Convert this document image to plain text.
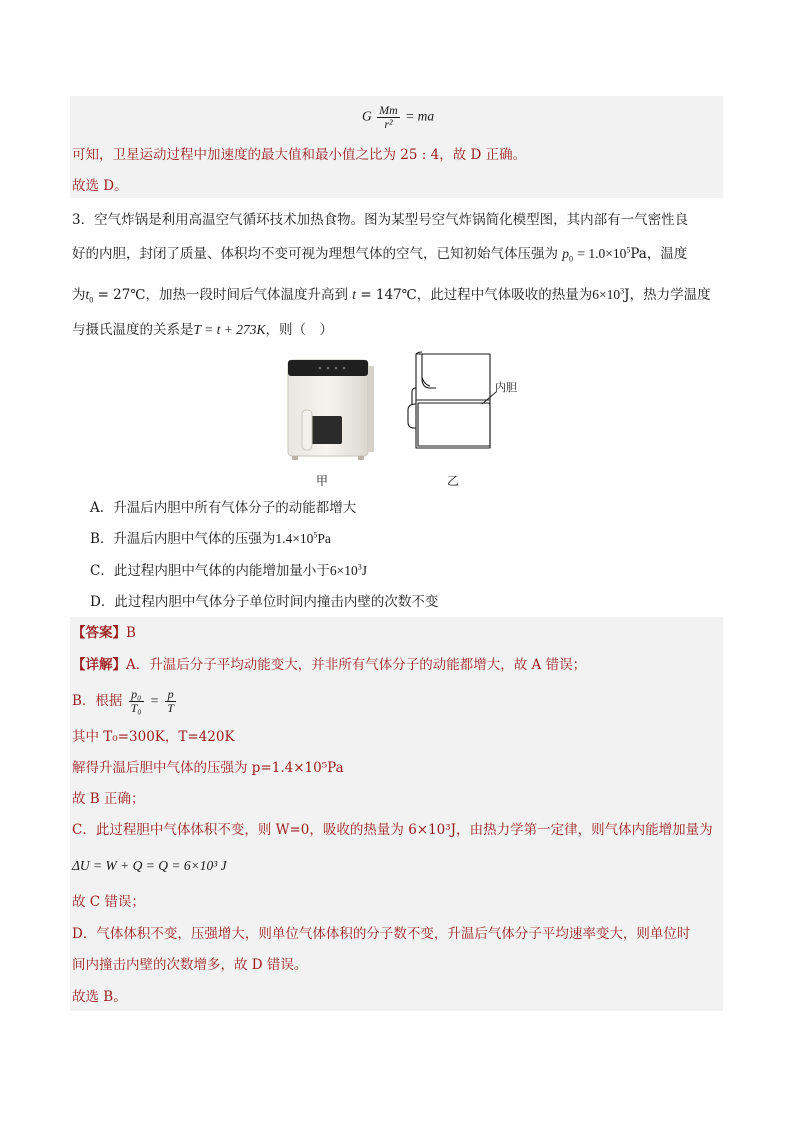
G $\frac{Mm}{\text{r²}}$ = ma
可知，卫星运动过程中加速度的最大值和最小值之比为 25 : 4，故 D 正确。
故选 D。
3．空气炸锅是利用高温空气循环技术加热食物。图为某型号空气炸锅简化模型图，其内部有一气密性良
好的内胆，封闭了质量、体积均不变可视为理想气体的空气，已知初始气体压强为 $p_0 = 1.0\times 10^5Pa$，温度
为$t_0$ = 27℃，加热一段时间后气体温度升高到 t = 147℃，此过程中气体吸收的热量为$6\times 10^3J$，热力学温度
与摄氏温度的关系是T = t + 273K，则（　）
内胆
甲	乙
A．升温后内胆中所有气体分子的动能都增大
B．升温后内胆中气体的压强为$1.4\times 10^5Pa$
C．此过程内胆中气体的内能增加量小于$6\times 10^3J$
D．此过程内胆中气体分子单位时间内撞击内壁的次数不变
【答案】B
【详解】A．升温后分子平均动能变大，并非所有气体分子的动能都增大，故 A 错误；
B．根据 $\frac{\text{p₀}}{\text{T₀}} = \frac{p}{T}$
其中 T₀=300K，T=420K
解得升温后胆中气体的压强为 p=1.4×10⁵Pa
故 B 正确；
C．此过程胆中气体体积不变，则 W=0，吸收的热量为 6×10³J，由热力学第一定律，则气体内能增加量为
ΔU = W + Q = Q = 6×10³ J
故 C 错误；
D．气体体积不变，压强增大，则单位气体体积的分子数不变，升温后气体分子平均速率变大，则单位时
间内撞击内壁的次数增多，故 D 错误。
故选 B。
